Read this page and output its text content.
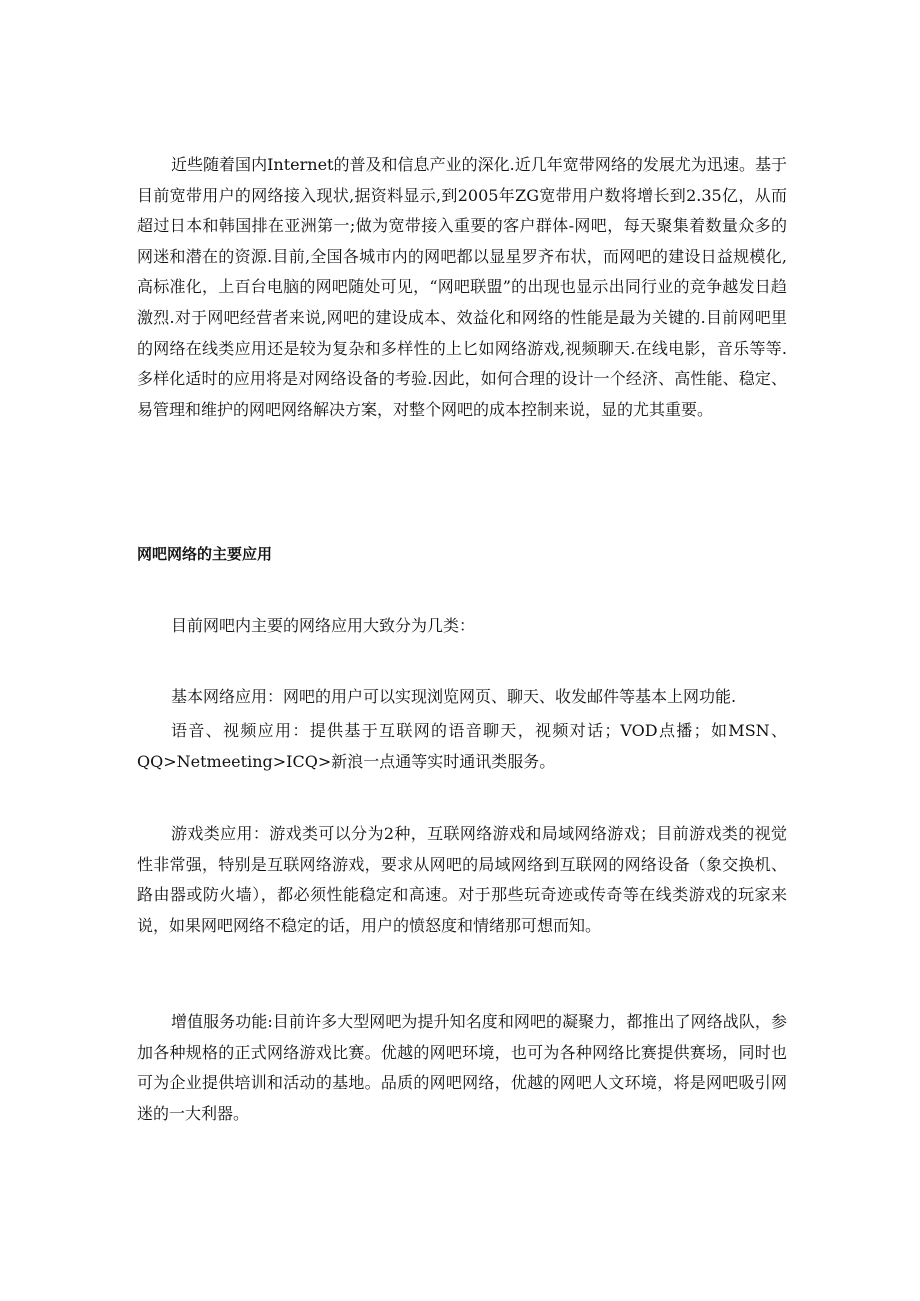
近些随着国内Internet的普及和信息产业的深化.近几年宽带网络的发展尤为迅速。基于目前宽带用户的网络接入现状,据资料显示,到2005年ZG宽带用户数将增长到2.35亿，从而超过日本和韩国排在亚洲第一;做为宽带接入重要的客户群体-网吧，每天聚集着数量众多的网迷和潜在的资源.目前,全国各城市内的网吧都以显星罗齐布状，而网吧的建设日益规模化,高标准化，上百台电脑的网吧随处可见，“网吧联盟”的出现也显示出同行业的竞争越发日趋激烈.对于网吧经营者来说,网吧的建设成本、效益化和网络的性能是最为关键的.目前网吧里的网络在线类应用还是较为复杂和多样性的上匕如网络游戏,视频聊天.在线电影，音乐等等.多样化适时的应用将是对网络设备的考验.因此，如何合理的设计一个经济、高性能、稳定、易管理和维护的网吧网络解决方案，对整个网吧的成本控制来说，显的尤其重要。

网吧网络的主要应用

目前网吧内主要的网络应用大致分为几类：

基本网络应用：网吧的用户可以实现浏览网页、聊天、收发邮件等基本上网功能.

语音、视频应用：提供基于互联网的语音聊天，视频对话；VOD点播；如MSN、QQ>Netmeeting>ICQ>新浪一点通等实时通讯类服务。

游戏类应用：游戏类可以分为2种，互联网络游戏和局域网络游戏；目前游戏类的视觉性非常强，特别是互联网络游戏，要求从网吧的局域网络到互联网的网络设备（象交换机、路由器或防火墙），都必须性能稳定和高速。对于那些玩奇迹或传奇等在线类游戏的玩家来说，如果网吧网络不稳定的话，用户的愤怒度和情绪那可想而知。

增值服务功能:目前许多大型网吧为提升知名度和网吧的凝聚力，都推出了网络战队，参加各种规格的正式网络游戏比赛。优越的网吧环境，也可为各种网络比赛提供赛场，同时也可为企业提供培训和活动的基地。品质的网吧网络，优越的网吧人文环境，将是网吧吸引网迷的一大利器。
